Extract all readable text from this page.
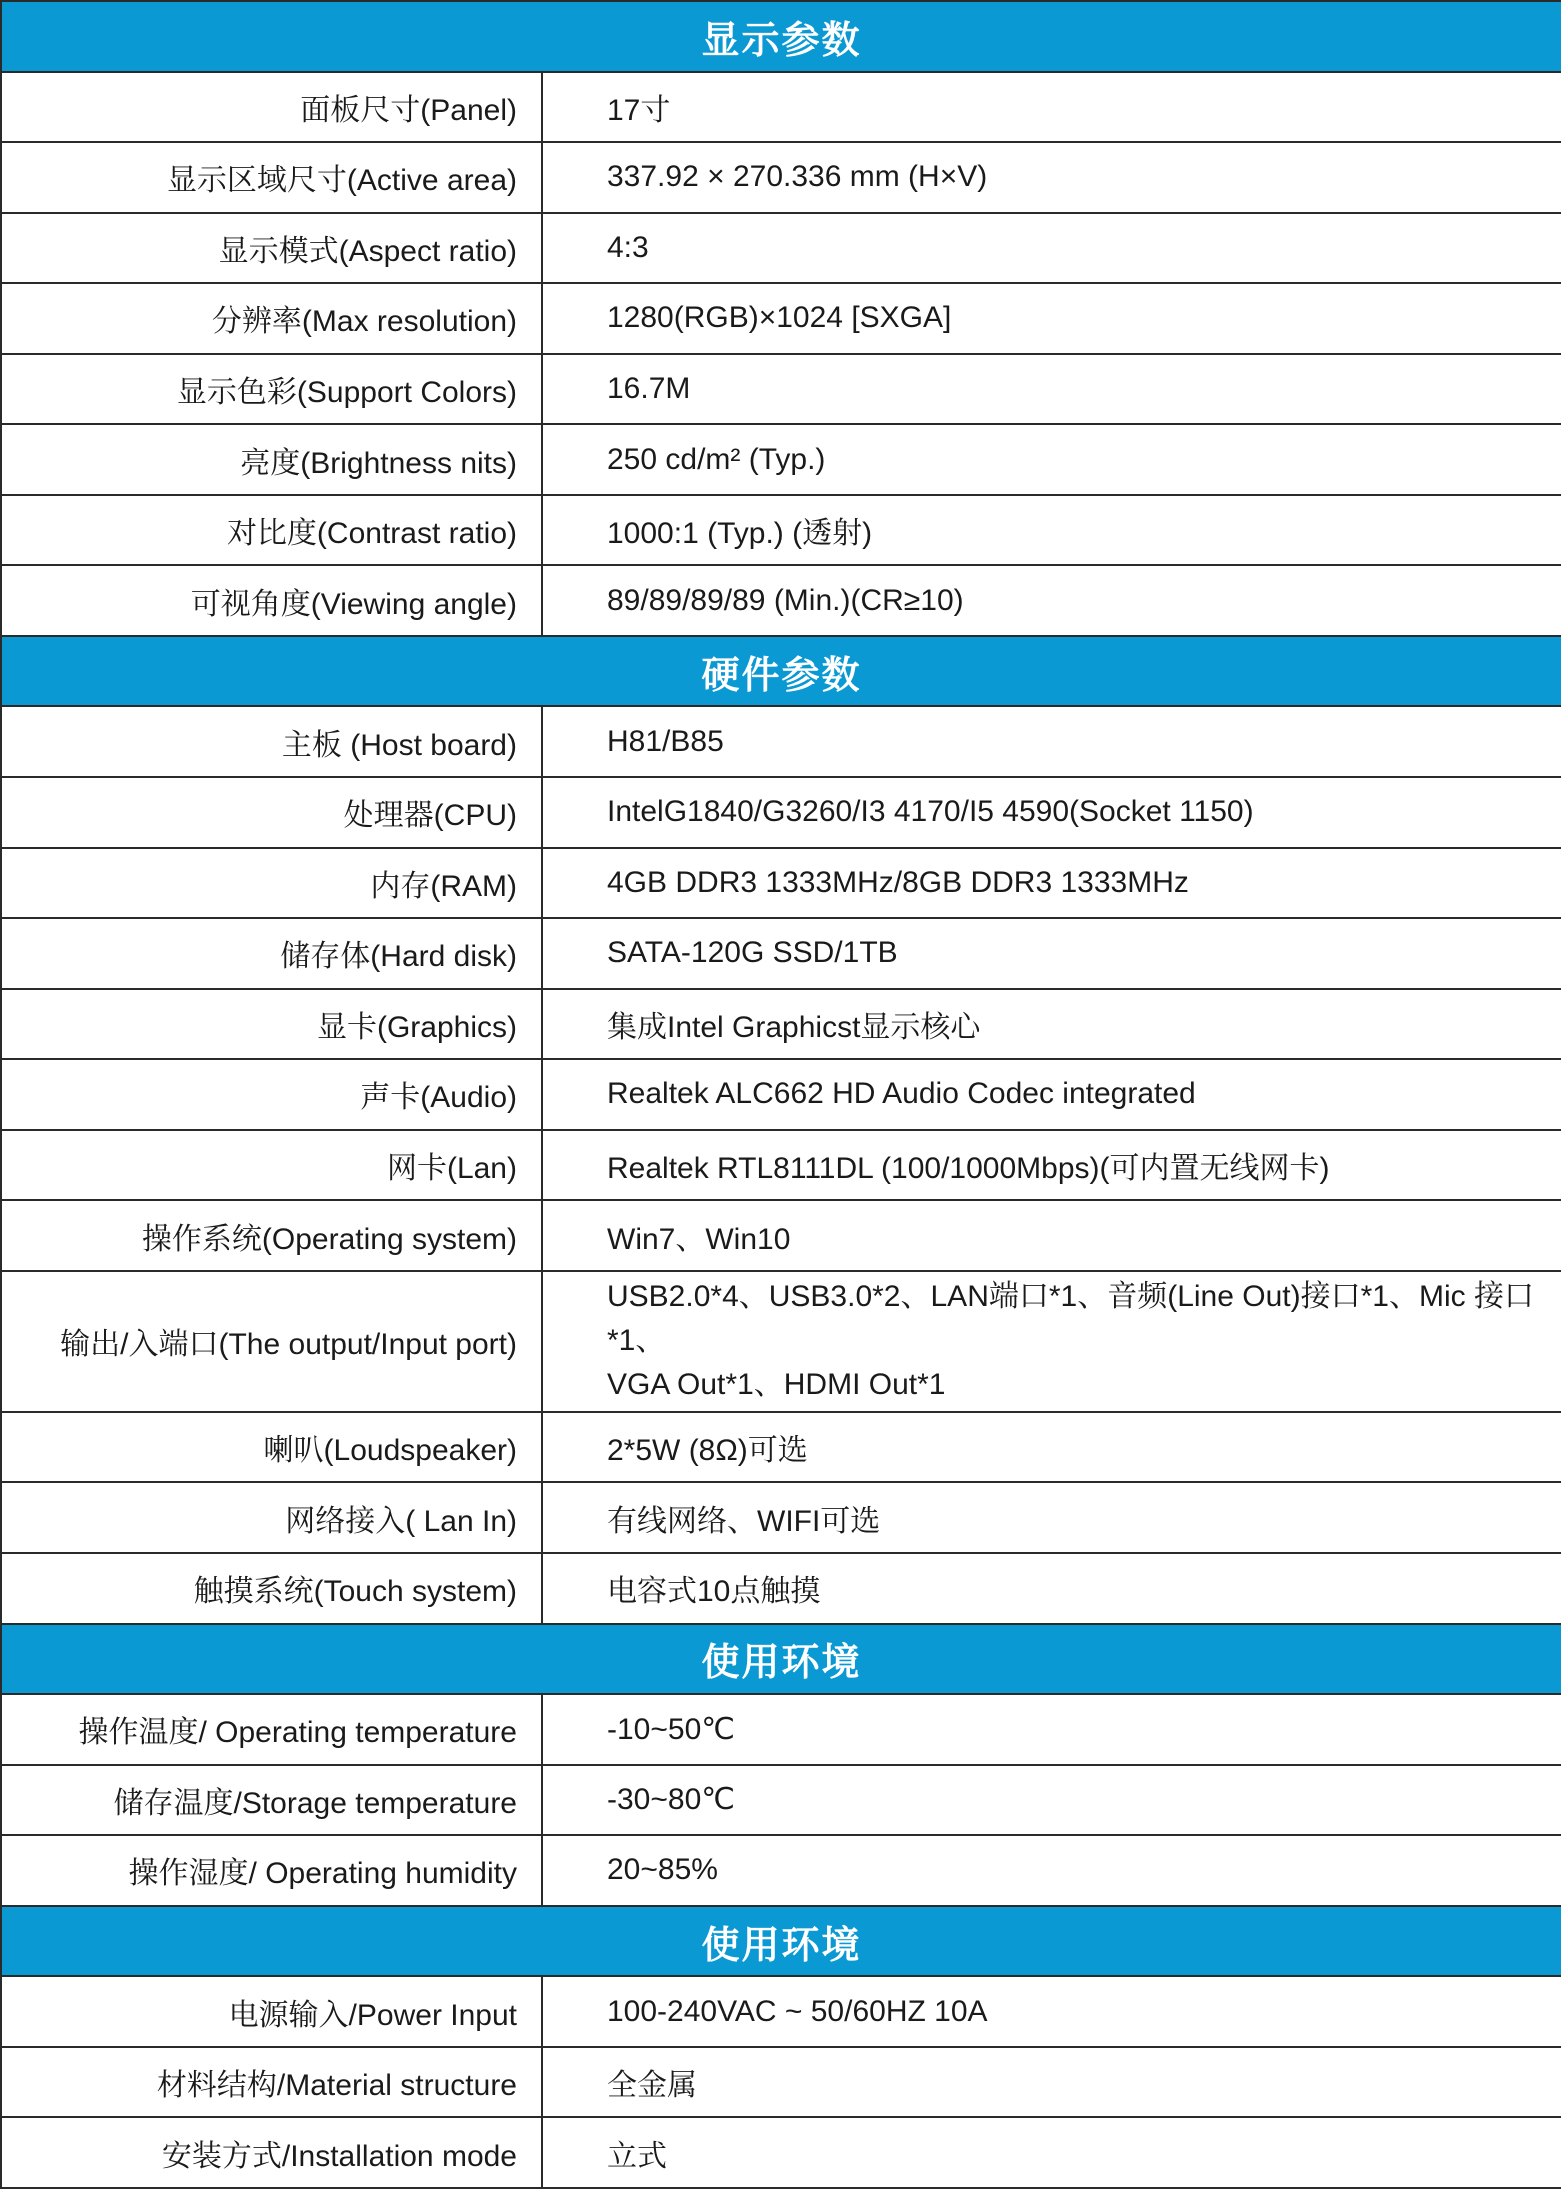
显示参数	
面板尺寸(Panel)	17寸
显示区域尺寸(Active area)	337.92 × 270.336 mm (H×V)
显示模式(Aspect ratio)	4:3
分辨率(Max resolution)	1280(RGB)×1024 [SXGA]
显示色彩(Support Colors)	16.7M
亮度(Brightness nits)	250 cd/m² (Typ.)
对比度(Contrast ratio)	1000:1 (Typ.) (透射)
可视角度(Viewing angle)	89/89/89/89 (Min.)(CR≥10)
硬件参数	
主板 (Host board)	H81/B85
处理器(CPU)	IntelG1840/G3260/I3 4170/I5 4590(Socket 1150)
内存(RAM)	4GB DDR3 1333MHz/8GB DDR3 1333MHz
储存体(Hard disk)	SATA-120G SSD/1TB
显卡(Graphics)	集成Intel Graphicst显示核心
声卡(Audio)	Realtek ALC662 HD Audio Codec integrated
网卡(Lan)	Realtek RTL8111DL (100/1000Mbps)(可内置无线网卡)
操作系统(Operating system)	Win7、Win10
输出/入端口(The output/Input port)	USB2.0*4、USB3.0*2、LAN端口*1、音频(Line Out)接口*1、Mic 接口*1、
VGA Out*1、HDMI Out*1

喇叭(Loudspeaker)	2*5W (8Ω)可选
网络接入( Lan In)	有线网络、WIFI可选
触摸系统(Touch system)	电容式10点触摸
使用环境	
操作温度/ Operating temperature	-10~50℃
储存温度/Storage temperature	-30~80℃
操作湿度/ Operating humidity	20~85%
使用环境	
电源输入/Power Input	100-240VAC ~ 50/60HZ 10A
材料结构/Material structure	全金属
安装方式/Installation mode	立式
